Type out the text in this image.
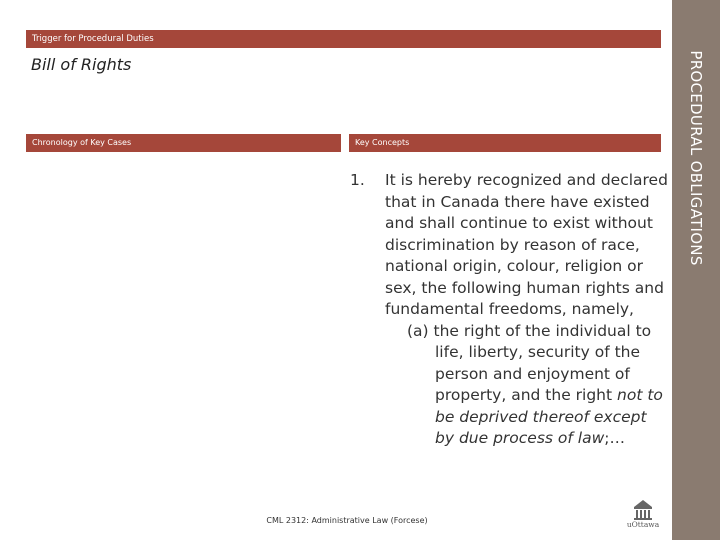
Trigger for Procedural Duties
Bill of Rights
Chronology of Key Cases	Key Concepts
1. It is hereby recognized and declared that in Canada there have existed and shall continue to exist without discrimination by reason of race, national origin, colour, religion or sex, the following human rights and fundamental freedoms, namely,
(a) the right of the individual to life, liberty, security of the person and enjoyment of property, and the right not to be deprived thereof except by due process of law;…
PROCEDURAL OBLIGATIONS
CML 2312: Administrative Law (Forcese)	uOttawa
